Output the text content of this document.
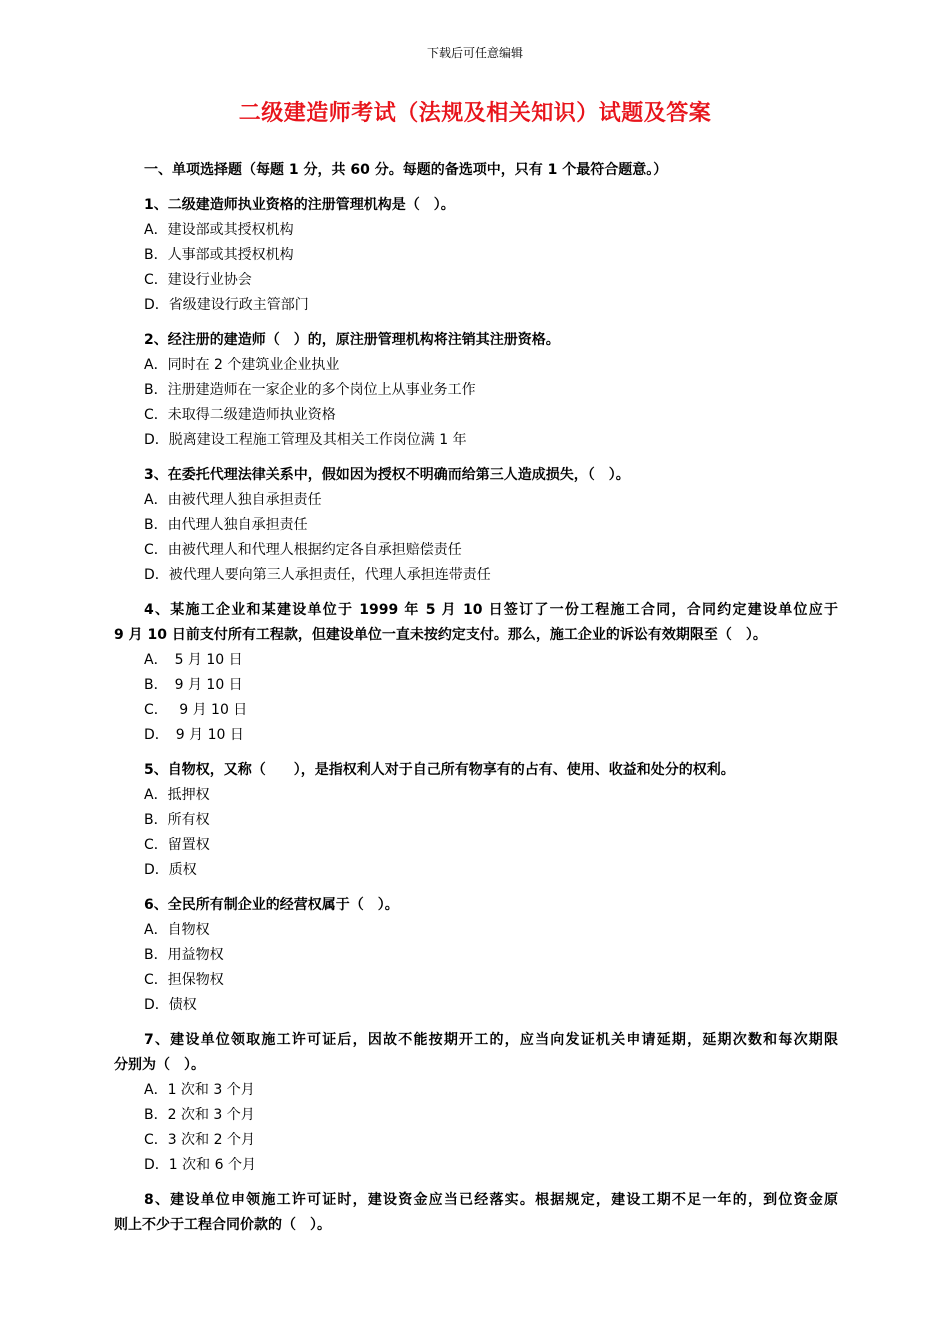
下载后可任意编辑
二级建造师考试（法规及相关知识）试题及答案
一、单项选择题（每题 1 分，共 60 分。每题的备选项中，只有 1 个最符合题意。）
1、二级建造师执业资格的注册管理机构是（　）。
A．建设部或其授权机构
B．人事部或其授权机构
C．建设行业协会
D．省级建设行政主管部门
2、经注册的建造师（　）的，原注册管理机构将注销其注册资格。
A．同时在 2 个建筑业企业执业
B．注册建造师在一家企业的多个岗位上从事业务工作
C．未取得二级建造师执业资格
D．脱离建设工程施工管理及其相关工作岗位满 1 年
3、在委托代理法律关系中，假如因为授权不明确而给第三人造成损失，（　）。
A．由被代理人独自承担责任
B．由代理人独自承担责任
C．由被代理人和代理人根据约定各自承担赔偿责任
D．被代理人要向第三人承担责任，代理人承担连带责任
4、某施工企业和某建设单位于 1999 年 5 月 10 日签订了一份工程施工合同，合同约定建设单位应于
9 月 10 日前支付所有工程款，但建设单位一直未按约定支付。那么，施工企业的诉讼有效期限至（　）。
A．　5 月 10 日
B．　9 月 10 日
C．　 9 月 10 日
D．　9 月 10 日
5、自物权，又称（　　），是指权利人对于自己所有物享有的占有、使用、收益和处分的权利。
A．抵押权
B．所有权
C．留置权
D．质权
6、全民所有制企业的经营权属于（　）。
A．自物权
B．用益物权
C．担保物权
D．债权
7、建设单位领取施工许可证后，因故不能按期开工的，应当向发证机关申请延期，延期次数和每次期限
分别为（　）。
A．1 次和 3 个月
B．2 次和 3 个月
C．3 次和 2 个月
D．1 次和 6 个月
8、建设单位申领施工许可证时，建设资金应当已经落实。根据规定，建设工期不足一年的，到位资金原
则上不少于工程合同价款的（　）。
